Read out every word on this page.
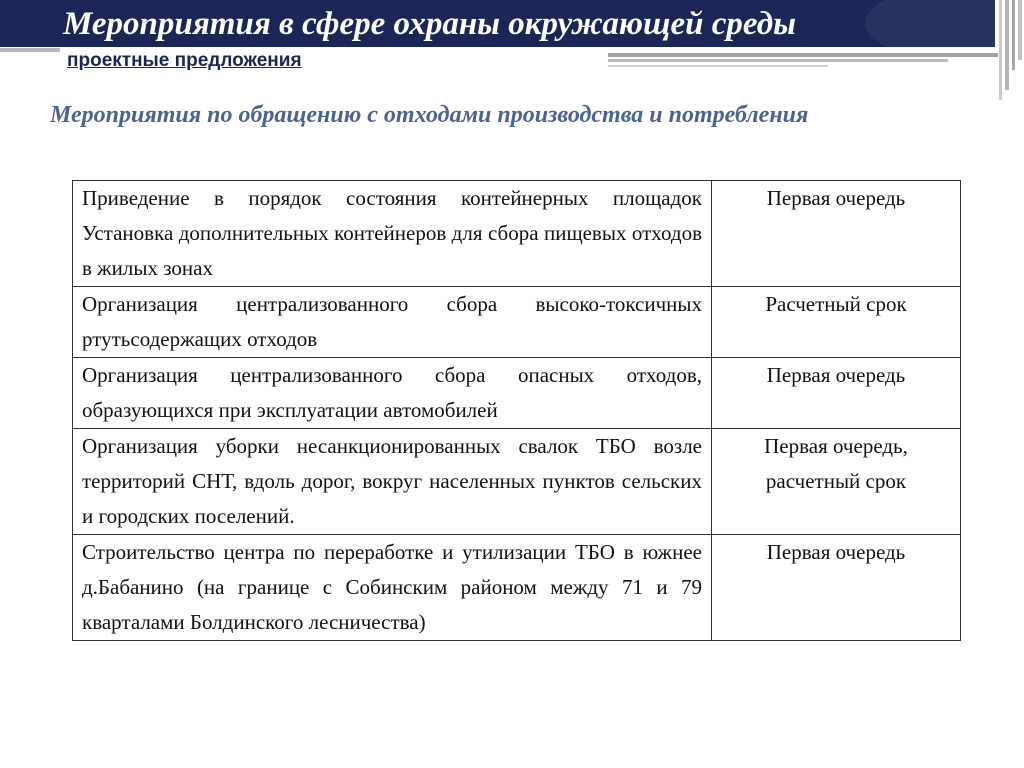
Мероприятия в сфере охраны окружающей среды

проектные предложения

Мероприятия по обращению с отходами производства и потребления
Приведение в порядок состояния контейнерных площадок Установка дополнительных контейнеров для сбора пищевых отходов в жилых зонах	Первая очередь
Организация централизованного сбора высоко-токсичных ртутьсодержащих отходов	Расчетный срок
Организация централизованного сбора опасных отходов, образующихся при эксплуатации автомобилей	Первая очередь
Организация уборки несанкционированных свалок ТБО возле территорий СНТ, вдоль дорог, вокруг населенных пунктов сельских и городских поселений.	Первая очередь, расчетный срок
Строительство центра по переработке и утилизации ТБО в южнее д.Бабанино (на границе с Собинским районом между 71 и 79 кварталами Болдинского лесничества)	Первая очередь
